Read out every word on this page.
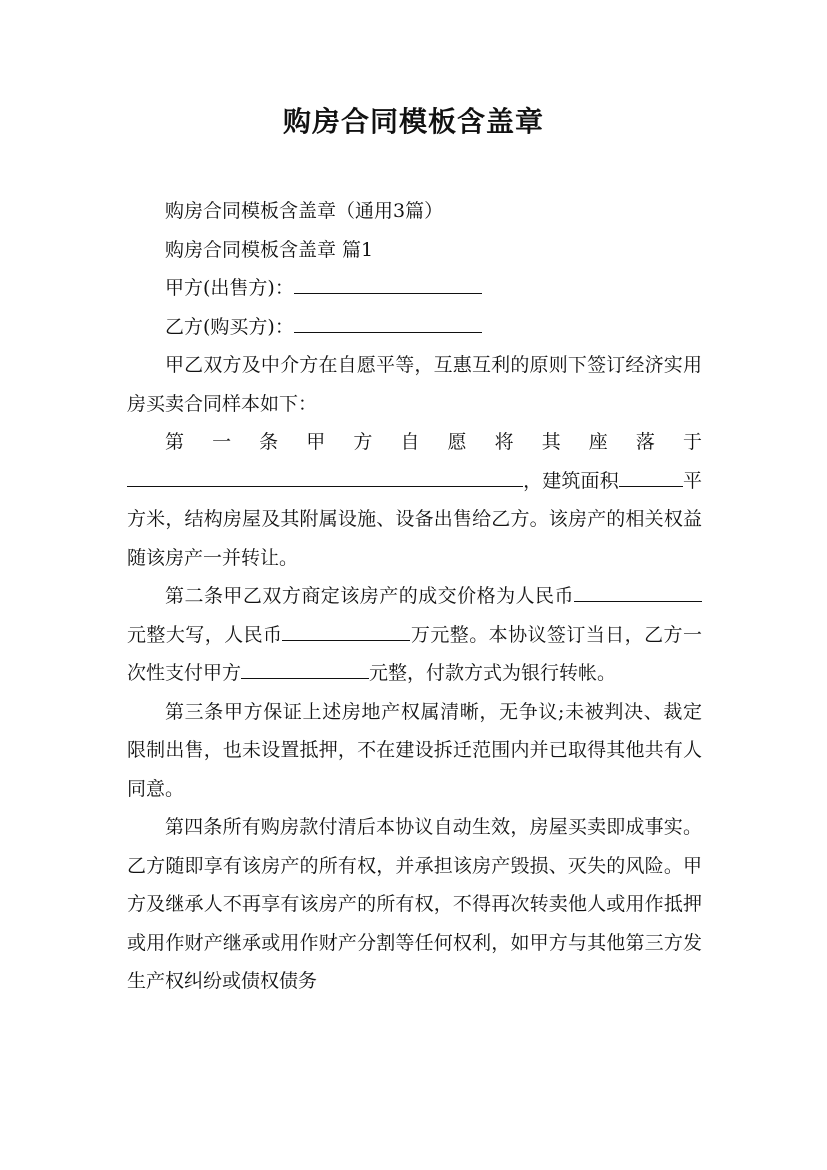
购房合同模板含盖章

购房合同模板含盖章（通用3篇）

购房合同模板含盖章 篇1

甲方(出售方)：

乙方(购买方)：

甲乙双方及中介方在自愿平等，互惠互利的原则下签订经济实用房买卖合同样本如下：

第一条甲方自愿将其座落于
，建筑面积	平方米，结构房屋及其附属设施、设备出售给乙方。该房产的相关权益随该房产一并转让。

第二条甲乙双方商定该房产的成交价格为人民币元整大写，人民币	万元整。本协议签订当日，乙方一次性支付甲方	元整，付款方式为银行转帐。

第三条甲方保证上述房地产权属清晰，无争议;未被判决、裁定限制出售，也未设置抵押，不在建设拆迁范围内并已取得其他共有人同意。

第四条所有购房款付清后本协议自动生效，房屋买卖即成事实。乙方随即享有该房产的所有权，并承担该房产毁损、灭失的风险。甲方及继承人不再享有该房产的所有权，不得再次转卖他人或用作抵押或用作财产继承或用作财产分割等任何权利，如甲方与其他第三方发生产权纠纷或债权债务
